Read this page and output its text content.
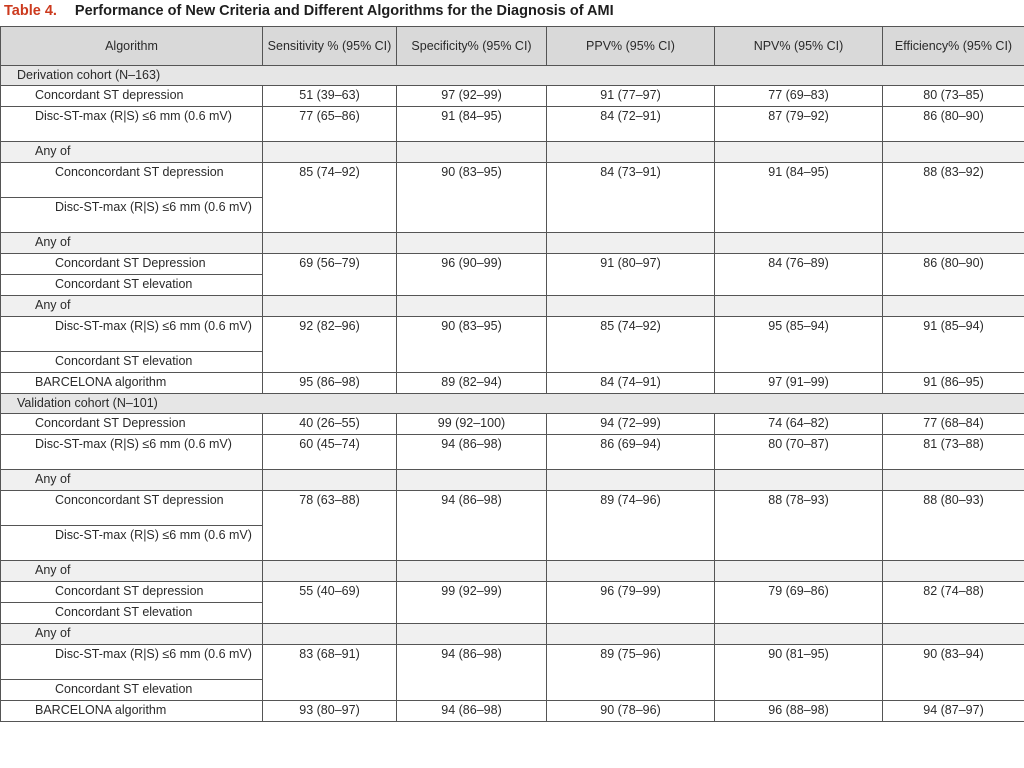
Table 4. Performance of New Criteria and Different Algorithms for the Diagnosis of AMI
Algorithm	Sensitivity % (95% CI)	Specificity% (95% CI)	PPV% (95% CI)	NPV% (95% CI)	Efficiency% (95% CI)
Derivation cohort (N–163)					
Concordant ST depression	51 (39–63)	97 (92–99)	91 (77–97)	77 (69–83)	80 (73–85)
Disc-ST-max (R|S) ≤6 mm (0.6 mV)	77 (65–86)	91 (84–95)	84 (72–91)	87 (79–92)	86 (80–90)
Any of					
Conconcordant ST depression	85 (74–92)	90 (83–95)	84 (73–91)	91 (84–95)	88 (83–92)
Disc-ST-max (R|S) ≤6 mm (0.6 mV)					
Any of					
Concordant ST Depression	69 (56–79)	96 (90–99)	91 (80–97)	84 (76–89)	86 (80–90)
Concordant ST elevation					
Any of					
Disc-ST-max (R|S) ≤6 mm (0.6 mV)	92 (82–96)	90 (83–95)	85 (74–92)	95 (85–94)	91 (85–94)
Concordant ST elevation					
BARCELONA algorithm	95 (86–98)	89 (82–94)	84 (74–91)	97 (91–99)	91 (86–95)
Validation cohort (N–101)					
Concordant ST Depression	40 (26–55)	99 (92–100)	94 (72–99)	74 (64–82)	77 (68–84)
Disc-ST-max (R|S) ≤6 mm (0.6 mV)	60 (45–74)	94 (86–98)	86 (69–94)	80 (70–87)	81 (73–88)
Any of					
Conconcordant ST depression	78 (63–88)	94 (86–98)	89 (74–96)	88 (78–93)	88 (80–93)
Disc-ST-max (R|S) ≤6 mm (0.6 mV)					
Any of					
Concordant ST depression	55 (40–69)	99 (92–99)	96 (79–99)	79 (69–86)	82 (74–88)
Concordant ST elevation					
Any of					
Disc-ST-max (R|S) ≤6 mm (0.6 mV)	83 (68–91)	94 (86–98)	89 (75–96)	90 (81–95)	90 (83–94)
Concordant ST elevation					
BARCELONA algorithm	93 (80–97)	94 (86–98)	90 (78–96)	96 (88–98)	94 (87–97)
